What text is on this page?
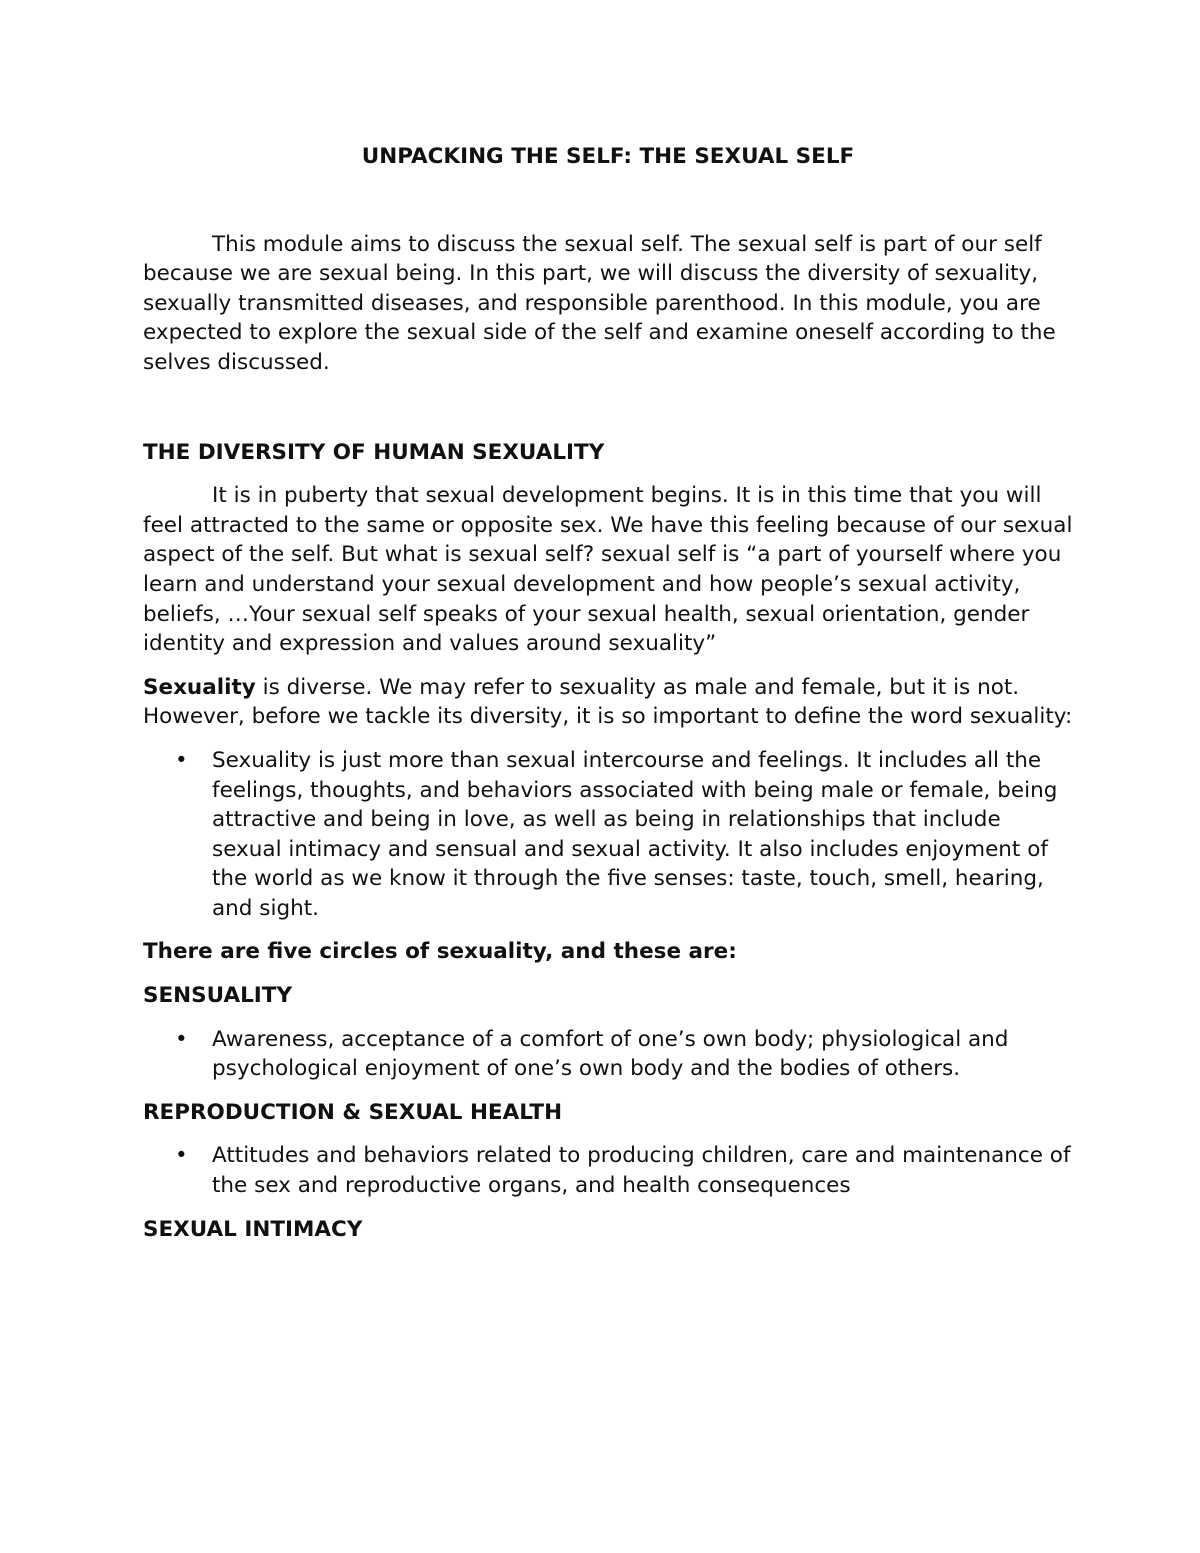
UNPACKING THE SELF: THE SEXUAL SELF

This module aims to discuss the sexual self. The sexual self is part of our self because we are sexual being. In this part, we will discuss the diversity of sexuality, sexually transmitted diseases, and responsible parenthood. In this module, you are expected to explore the sexual side of the self and examine oneself according to the selves discussed.

THE DIVERSITY OF HUMAN SEXUALITY

It is in puberty that sexual development begins. It is in this time that you will feel attracted to the same or opposite sex. We have this feeling because of our sexual aspect of the self. But what is sexual self? sexual self is “a part of yourself where you learn and understand your sexual development and how people’s sexual activity, beliefs, …Your sexual self speaks of your sexual health, sexual orientation, gender identity and expression and values around sexuality”

Sexuality is diverse. We may refer to sexuality as male and female, but it is not. However, before we tackle its diversity, it is so important to define the word sexuality:

• Sexuality is just more than sexual intercourse and feelings. It includes all the feelings, thoughts, and behaviors associated with being male or female, being attractive and being in love, as well as being in relationships that include sexual intimacy and sensual and sexual activity. It also includes enjoyment of the world as we know it through the five senses: taste, touch, smell, hearing, and sight.

There are five circles of sexuality, and these are:

SENSUALITY

• Awareness, acceptance of a comfort of one’s own body; physiological and psychological enjoyment of one’s own body and the bodies of others.

REPRODUCTION & SEXUAL HEALTH

• Attitudes and behaviors related to producing children, care and maintenance of the sex and reproductive organs, and health consequences

SEXUAL INTIMACY
